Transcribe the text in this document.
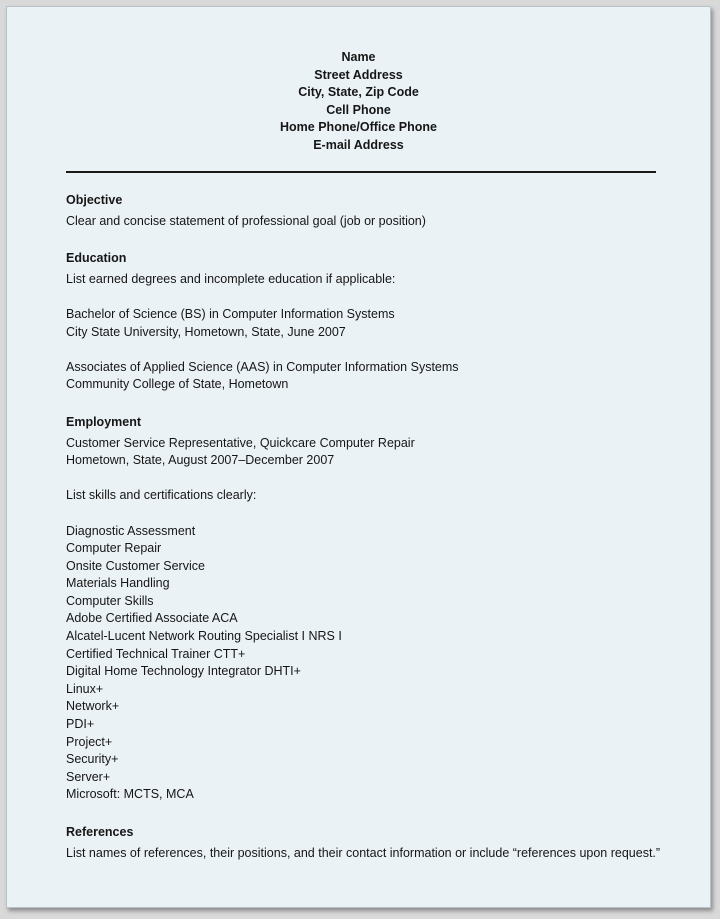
Name
Street Address
City, State, Zip Code
Cell Phone
Home Phone/Office Phone
E-mail Address

Objective

Clear and concise statement of professional goal (job or position)

Education

List earned degrees and incomplete education if applicable:

Bachelor of Science (BS) in Computer Information Systems

City State University, Hometown, State, June 2007

Associates of Applied Science (AAS) in Computer Information Systems

Community College of State, Hometown

Employment

Customer Service Representative, Quickcare Computer Repair

Hometown, State, August 2007–December 2007

List skills and certifications clearly:

Diagnostic Assessment

Computer Repair

Onsite Customer Service

Materials Handling

Computer Skills

Adobe Certified Associate ACA

Alcatel-Lucent Network Routing Specialist I NRS I

Certified Technical Trainer CTT+

Digital Home Technology Integrator DHTI+

Linux+

Network+

PDI+

Project+

Security+

Server+

Microsoft: MCTS, MCA

References

List names of references, their positions, and their contact information or include “references upon request.”
